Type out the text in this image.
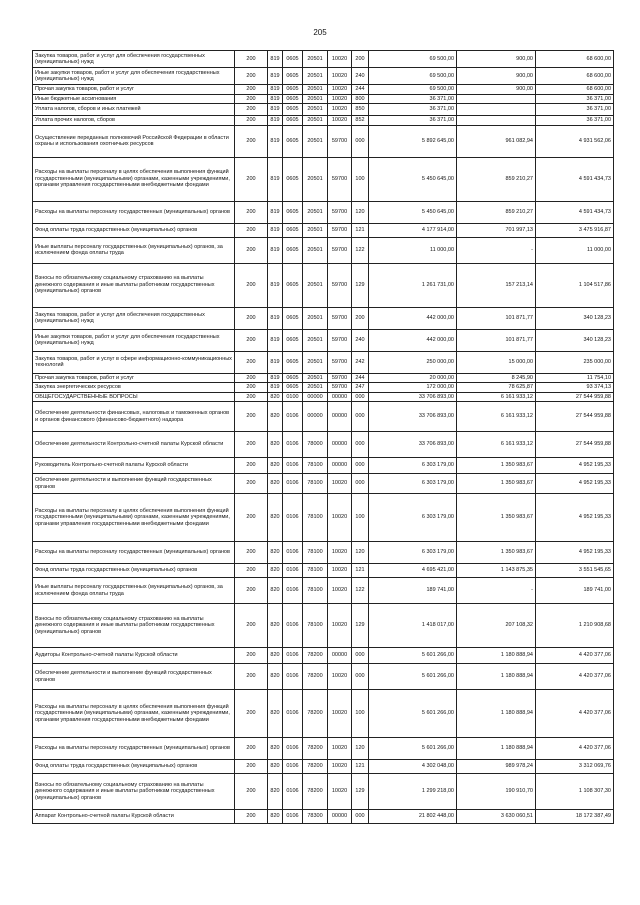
205
Закупка товаров, работ и услуг для обеспечения государственных (муниципальных) нужд	200	819	0605	20501	10020	200	69 500,00	900,00	68 600,00
Иные закупки товаров, работ и услуг для обеспечения государственных (муниципальных) нужд	200	819	0605	20501	10020	240	69 500,00	900,00	68 600,00
Прочая закупка товаров, работ и услуг	200	819	0605	20501	10020	244	69 500,00	900,00	68 600,00
Иные бюджетные ассигнования	200	819	0605	20501	10020	800	36 371,00		36 371,00
Уплата налогов, сборов и иных платежей	200	819	0605	20501	10020	850	36 371,00		36 371,00
Уплата прочих налогов, сборов	200	819	0605	20501	10020	852	36 371,00		36 371,00
Осуществление переданных полномочий Российской Федерации в области охраны и использования охотничьих ресурсов	200	819	0605	20501	59700	000	5 892 645,00	961 082,94	4 931 562,06
Расходы на выплаты персоналу в целях обеспечения выполнения функций государственными (муниципальными) органами, казенными учреждениями, органами управления государственными внебюджетными фондами	200	819	0605	20501	59700	100	5 450 645,00	859 210,27	4 591 434,73
Расходы на выплаты персоналу государственных (муниципальных) органов	200	819	0605	20501	59700	120	5 450 645,00	859 210,27	4 591 434,73
Фонд оплаты труда государственных (муниципальных) органов	200	819	0605	20501	59700	121	4 177 914,00	701 997,13	3 475 916,87
Иные выплаты персоналу государственных (муниципальных) органов, за исключением фонда оплаты труда	200	819	0605	20501	59700	122	11 000,00	-	11 000,00
Взносы по обязательному социальному страхованию на выплаты денежного содержания и иные выплаты работникам государственных (муниципальных) органов	200	819	0605	20501	59700	129	1 261 731,00	157 213,14	1 104 517,86
Закупка товаров, работ и услуг для обеспечения государственных (муниципальных) нужд	200	819	0605	20501	59700	200	442 000,00	101 871,77	340 128,23
Иные закупки товаров, работ и услуг для обеспечения государственных (муниципальных) нужд	200	819	0605	20501	59700	240	442 000,00	101 871,77	340 128,23
Закупка товаров, работ и услуг в сфере информационно-коммуникационных технологий	200	819	0605	20501	59700	242	250 000,00	15 000,00	235 000,00
Прочая закупка товаров, работ и услуг	200	819	0605	20501	59700	244	20 000,00	8 245,90	11 754,10
Закупка энергетических ресурсов	200	819	0605	20501	59700	247	172 000,00	78 625,87	93 374,13
ОБЩЕГОСУДАРСТВЕННЫЕ ВОПРОСЫ	200	820	0100	00000	00000	000	33 706 893,00	6 161 933,12	27 544 959,88
Обеспечение деятельности финансовых, налоговых и таможенных органов и органов финансового (финансово-бюджетного) надзора	200	820	0106	00000	00000	000	33 706 893,00	6 161 933,12	27 544 959,88
Обеспечение деятельности Контрольно-счетной палаты Курской области	200	820	0106	78000	00000	000	33 706 893,00	6 161 933,12	27 544 959,88
Руководитель Контрольно-счетной палаты Курской области	200	820	0106	78100	00000	000	6 303 179,00	1 350 983,67	4 952 195,33
Обеспечение деятельности и выполнение функций государственных органов	200	820	0106	78100	10020	000	6 303 179,00	1 350 983,67	4 952 195,33
Расходы на выплаты персоналу в целях обеспечения выполнения функций государственными (муниципальными) органами, казенными учреждениями, органами управления государственными внебюджетными фондами	200	820	0106	78100	10020	100	6 303 179,00	1 350 983,67	4 952 195,33
Расходы на выплаты персоналу государственных (муниципальных) органов	200	820	0106	78100	10020	120	6 303 179,00	1 350 983,67	4 952 195,33
Фонд оплаты труда государственных (муниципальных) органов	200	820	0106	78100	10020	121	4 695 421,00	1 143 875,35	3 551 545,65
Иные выплаты персоналу государственных (муниципальных) органов, за исключением фонда оплаты труда	200	820	0106	78100	10020	122	189 741,00	-	189 741,00
Взносы по обязательному социальному страхованию на выплаты денежного содержания и иные выплаты работникам государственных (муниципальных) органов	200	820	0106	78100	10020	129	1 418 017,00	207 108,32	1 210 908,68
Аудиторы Контрольно-счетной палаты Курской области	200	820	0106	78200	00000	000	5 601 266,00	1 180 888,94	4 420 377,06
Обеспечение деятельности и выполнение функций государственных органов	200	820	0106	78200	10020	000	5 601 266,00	1 180 888,94	4 420 377,06
Расходы на выплаты персоналу в целях обеспечения выполнения функций государственными (муниципальными) органами, казенными учреждениями, органами управления государственными внебюджетными фондами	200	820	0106	78200	10020	100	5 601 266,00	1 180 888,94	4 420 377,06
Расходы на выплаты персоналу государственных (муниципальных) органов	200	820	0106	78200	10020	120	5 601 266,00	1 180 888,94	4 420 377,06
Фонд оплаты труда государственных (муниципальных) органов	200	820	0106	78200	10020	121	4 302 048,00	989 978,24	3 312 069,76
Взносы по обязательному социальному страхованию на выплаты денежного содержания и иные выплаты работникам государственных (муниципальных) органов	200	820	0106	78200	10020	129	1 299 218,00	190 910,70	1 108 307,30
Аппарат Контрольно-счетной палаты Курской области	200	820	0106	78300	00000	000	21 802 448,00	3 630 060,51	18 172 387,49
